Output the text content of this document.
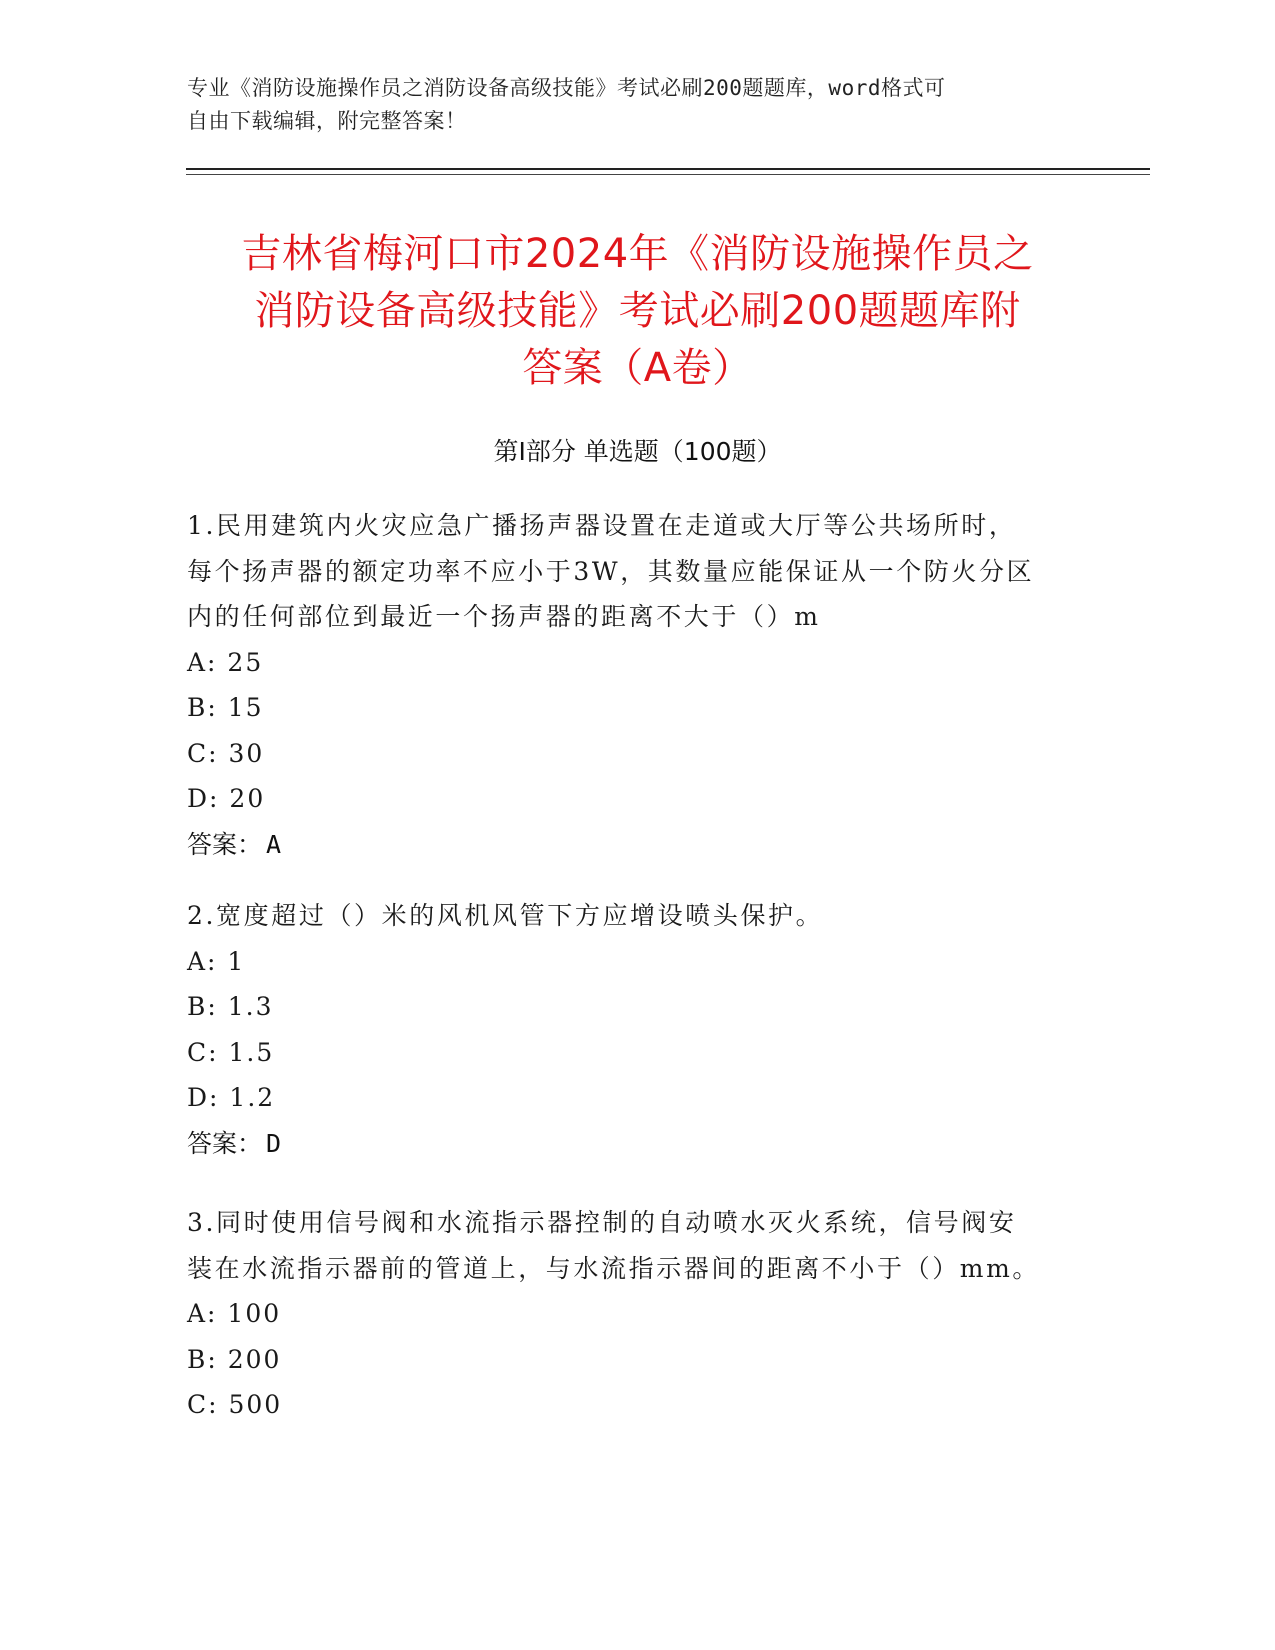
专业《消防设施操作员之消防设备高级技能》考试必刷200题题库，word格式可
自由下载编辑，附完整答案！
吉林省梅河口市2024年《消防设施操作员之
消防设备高级技能》考试必刷200题题库附
答案（A卷）
第Ⅰ部分 单选题（100题）

1.民用建筑内火灾应急广播扬声器设置在走道或大厅等公共场所时，

每个扬声器的额定功率不应小于3W，其数量应能保证从一个防火分区

内的任何部位到最近一个扬声器的距离不大于（）m

A: 25

B: 15

C: 30

D: 20

答案： A

2.宽度超过（）米的风机风管下方应增设喷头保护。

A: 1

B: 1.3

C: 1.5

D: 1.2

答案： D

3.同时使用信号阀和水流指示器控制的自动喷水灭火系统，信号阀安

装在水流指示器前的管道上，与水流指示器间的距离不小于（）mm。

A: 100

B: 200

C: 500
